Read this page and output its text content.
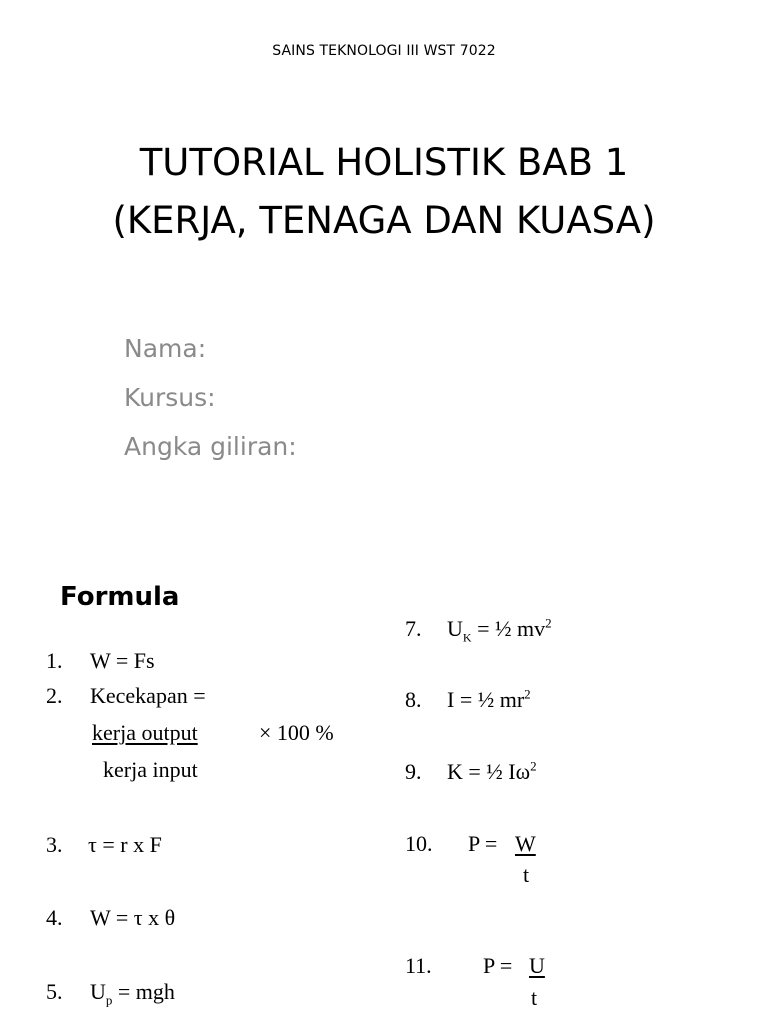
SAINS TEKNOLOGI III WST 7022
TUTORIAL HOLISTIK BAB 1
(KERJA, TENAGA DAN KUASA)
Nama:
Kursus:
Angka giliran:
Formula
1. W = Fs
2. Kecekapan =
kerja output	× 100 %
kerja input
3. τ = r x F
4. W = τ x θ
5. $U_p$ = mgh
7. $U_K$ = ½ $mv^2$
8. I = ½ $mr^2$
9. K = ½ $I\omega^2$
10. P = W
t
11. P = U
t
